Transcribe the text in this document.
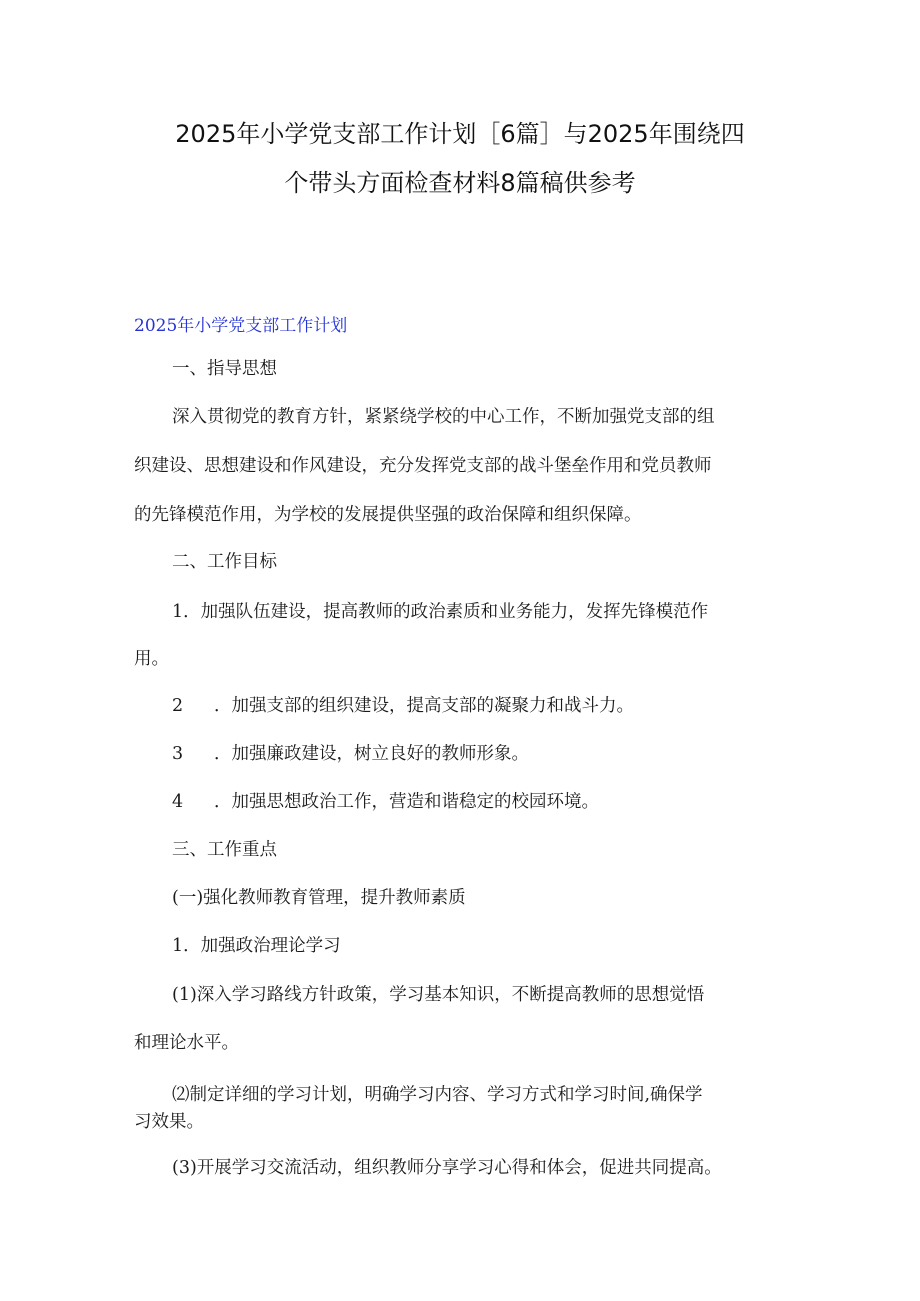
2025年小学党支部工作计划［6篇］与2025年围绕四
个带头方面检查材料8篇稿供参考
2025年小学党支部工作计划
一、指导思想
深入贯彻党的教育方针，紧紧绕学校的中心工作，不断加强党支部的组
织建设、思想建设和作风建设，充分发挥党支部的战斗堡垒作用和党员教师
的先锋模范作用，为学校的发展提供坚强的政治保障和组织保障。
二、工作目标
1．加强队伍建设，提高教师的政治素质和业务能力，发挥先锋模范作
用。
2 ．加强支部的组织建设，提高支部的凝聚力和战斗力。
3 ．加强廉政建设，树立良好的教师形象。
4 ．加强思想政治工作，营造和谐稳定的校园环境。
三、工作重点
(一)强化教师教育管理，提升教师素质
1．加强政治理论学习
(1)深入学习路线方针政策，学习基本知识，不断提高教师的思想觉悟
和理论水平。
⑵制定详细的学习计划，明确学习内容、学习方式和学习时间,确保学
习效果。
(3)开展学习交流活动，组织教师分享学习心得和体会，促进共同提高。
